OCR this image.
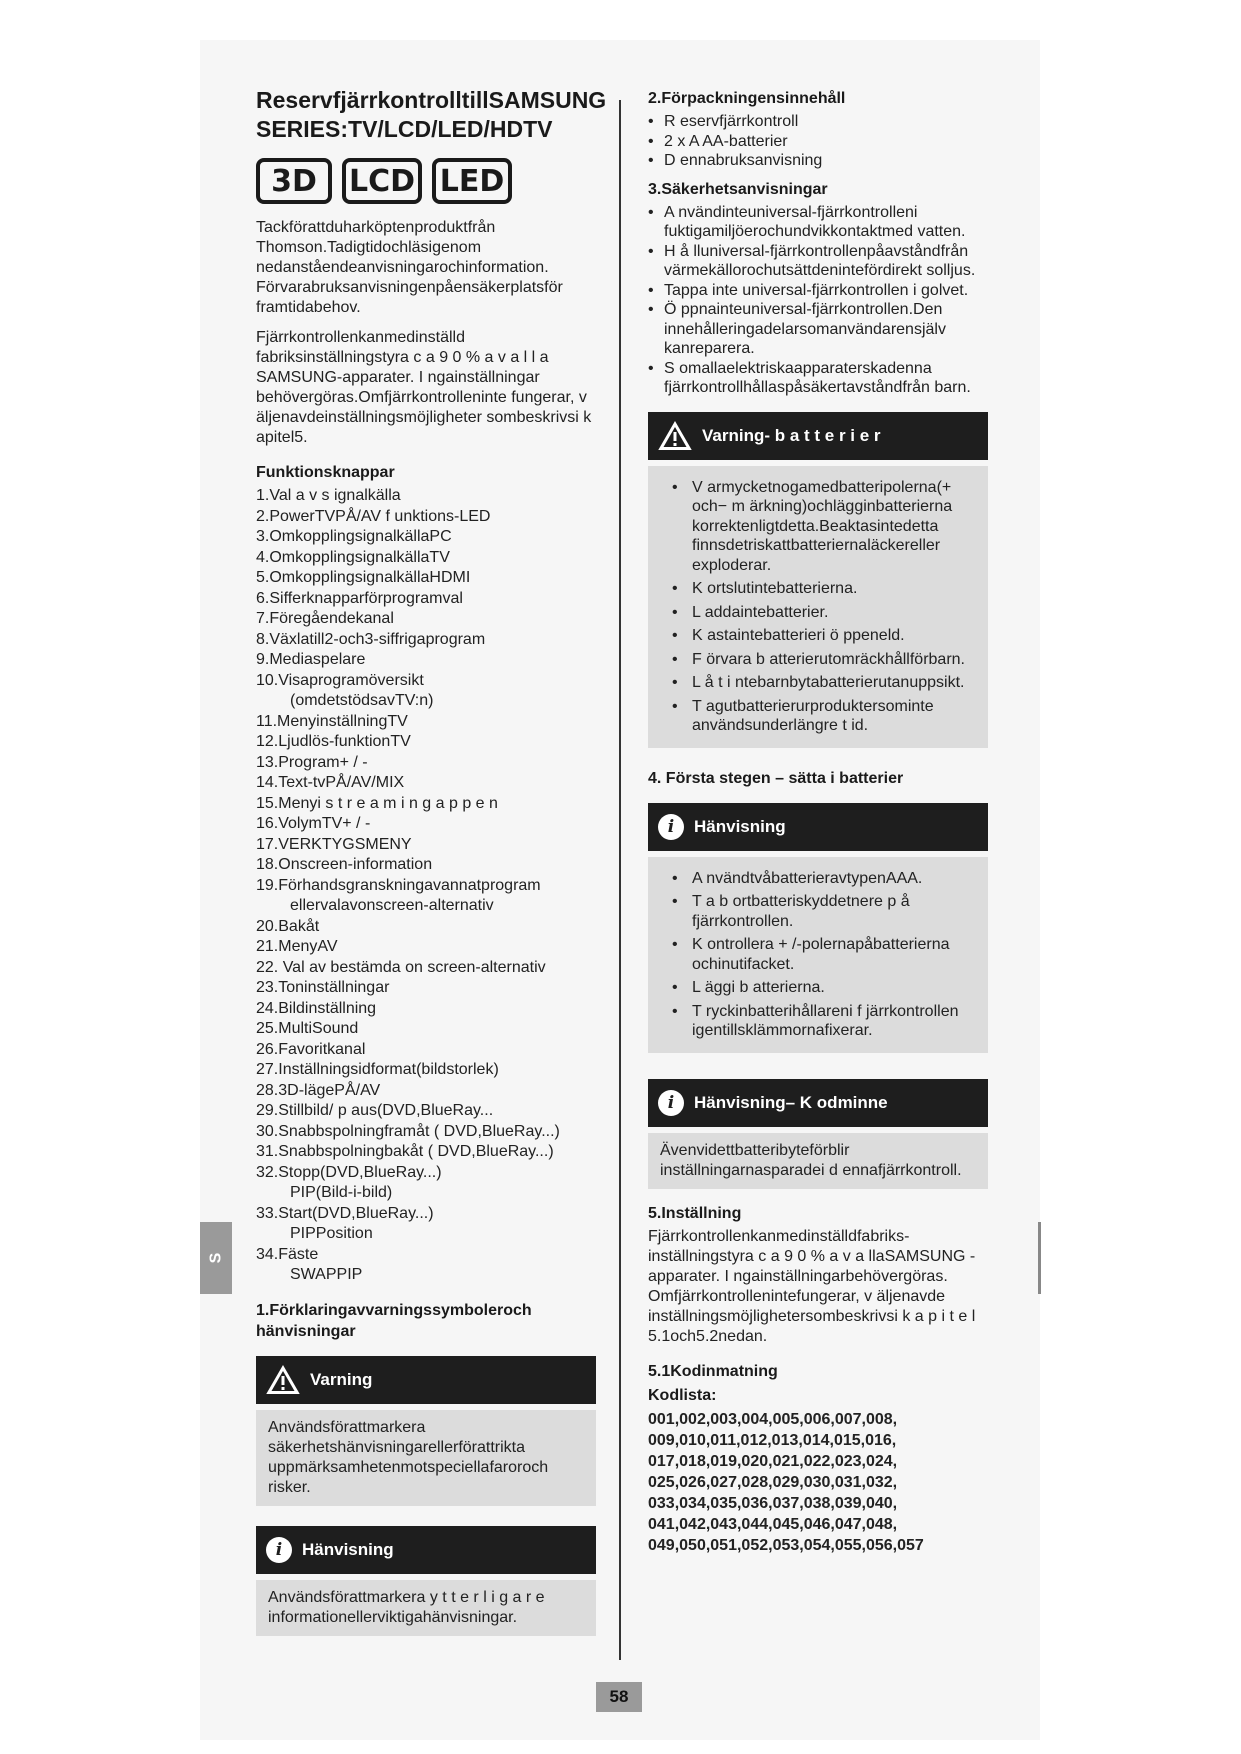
S
ReservfjärrkontrolltillSAMSUNG SERIES:TV/LCD/LED/HDTV
3D	LCD LED

Tackförattduharköptenproduktfrån Thomson.Tadigtidochläsigenom nedanståendeanvisningarochinformation. Förvarabruksanvisningenpåensäkerplatsför framtidabehov.

Fjärrkontrollenkanmedinställd fabriksinställningstyra c a 9 0 % a v a l l a SAMSUNG-apparater. I ngainställningar behövergöras.Omfjärrkontrolleninte fungerar, v äljenavdeinställningsmöjligheter sombeskrivsi k apitel5.

Funktionsknappar
1.Val a v s ignalkälla
2.PowerTVPÅ/AV f unktions-LED
3.OmkopplingsignalkällaPC
4.OmkopplingsignalkällaTV
5.OmkopplingsignalkällaHDMI
6.Sifferknapparförprogramval
7.Föregåendekanal
8.Växlatill2-och3-siffrigaprogram
9.Mediaspelare
10.Visaprogramöversikt
(omdetstödsavTV:n)
11.MenyinställningTV
12.Ljudlös-funktionTV
13.Program+ / -
14.Text-tvPÅ/AV/MIX
15.Menyi s t r e a m i n g a p p e n
16.VolymTV+ / -
17.VERKTYGSMENY
18.Onscreen-information
19.Förhandsgranskningavannatprogram
ellervalavonscreen-alternativ
20.Bakåt
21.MenyAV
22. Val av bestämda on screen-alternativ
23.Toninställningar
24.Bildinställning
25.MultiSound
26.Favoritkanal
27.Inställningsidformat(bildstorlek)
28.3D-lägePÅ/AV
29.Stillbild/ p aus(DVD,BlueRay...
30.Snabbspolningframåt ( DVD,BlueRay...)
31.Snabbspolningbakåt ( DVD,BlueRay...)
32.Stopp(DVD,BlueRay...)
PIP(Bild-i-bild)
33.Start(DVD,BlueRay...)
PIPPosition
34.Fäste
SWAPPIP
1.Förklaringavvarningssymboleroch hänvisningar
Varning
Användsförattmarkera säkerhetshänvisningarellerförattrikta uppmärksamhetenmotspeciellafaroroch risker.
i	Hänvisning
Användsförattmarkera y t t e r l i g a r e informationellerviktigahänvisningar.
2.Förpackningensinnehåll
• R eservfjärrkontroll
• 2 x A AA-batterier
• D ennabruksanvisning
3.Säkerhetsanvisningar
• A nvändinteuniversal-fjärrkontrolleni fuktigamiljöerochundvikkontaktmed vatten.
• H å lluniversal-fjärrkontrollenpåavståndfrån värmekällorochutsättdenintefördirekt solljus.
• Tappa inte universal-fjärrkontrollen i golvet.
• Ö ppnainteuniversal-fjärrkontrollen.Den innehålleringadelarsomanvändarensjälv kanreparera.
• S omallaelektriskaapparaterskadenna fjärrkontrollhållaspåsäkertavståndfrån barn.
Varning- b a t t e r i e r
• V armycketnogamedbatteripolerna(+ och− m ärkning)ochlägginbatterierna korrektenligtdetta.Beaktasintedetta finnsdetriskattbatteriernaläckereller exploderar.
• K ortslutintebatterierna.
• L addaintebatterier.
• K astaintebatterieri ö ppeneld.
• F örvara b atterierutomräckhållförbarn.
• L å t i ntebarnbytabatterierutanuppsikt.
• T agutbatterierurproduktersominte användsunderlängre t id.
4. Första stegen – sätta i batterier
i	Hänvisning
• A nvändtvåbatterieravtypenAAA.
• T a b ortbatteriskyddetnere p å fjärrkontrollen.
• K ontrollera + /-polernapåbatterierna ochinutifacket.
• L äggi b atterierna.
• T ryckinbatterihållareni f järrkontrollen igentillsklämmornafixerar.
i	Hänvisning– K odminne
Ävenvidettbatteribyteförblir inställningarnasparadei d ennafjärrkontroll.
5.Inställning

Fjärrkontrollenkanmedinställdfabriks- inställningstyra c a 9 0 % a v a llaSAMSUNG -apparater. I ngainställningarbehövergöras. Omfjärrkontrollenintefungerar, v äljenavde inställningsmöjlighetersombeskrivsi k a p i t e l 5.1och5.2nedan.

5.1Kodinmatning
Kodlista:

001,002,003,004,005,006,007,008,

009,010,011,012,013,014,015,016,

017,018,019,020,021,022,023,024,

025,026,027,028,029,030,031,032,

033,034,035,036,037,038,039,040,

041,042,043,044,045,046,047,048,

049,050,051,052,053,054,055,056,057

58
